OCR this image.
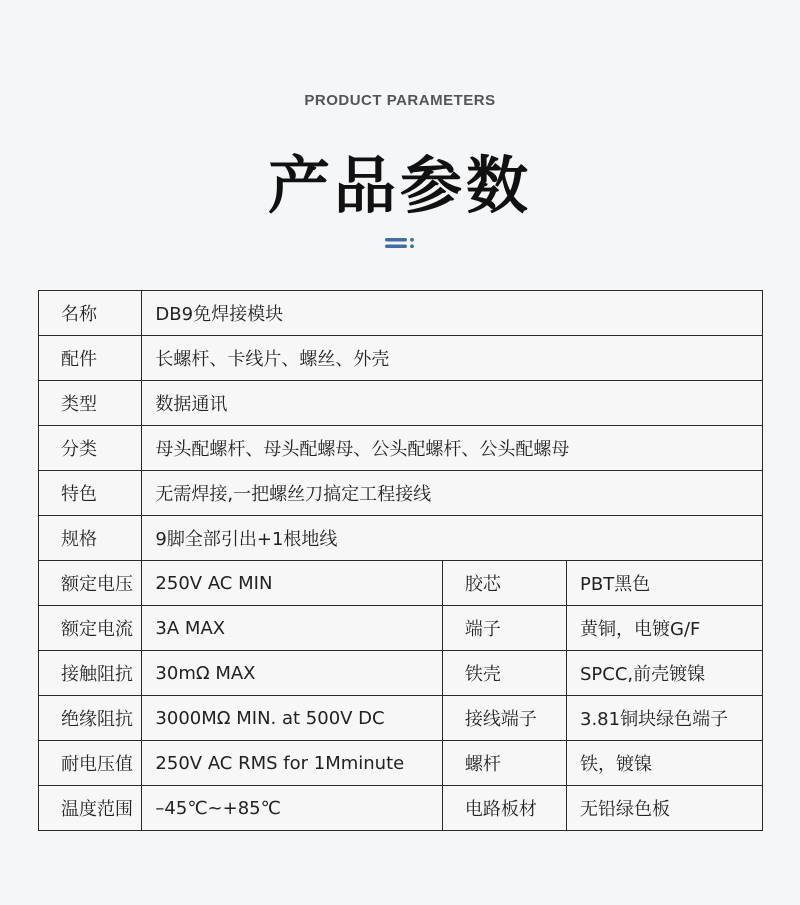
PRODUCT PARAMETERS
产品参数
名称	DB9免焊接模块		
配件	长螺杆、卡线片、螺丝、外壳		
类型	数据通讯		
分类	母头配螺杆、母头配螺母、公头配螺杆、公头配螺母		
特色	无需焊接,一把螺丝刀搞定工程接线		
规格	9脚全部引出+1根地线		
额定电压	250V AC MIN	胶芯	PBT黑色
额定电流	3A MAX	端子	黄铜，电镀G/F
接触阻抗	30mΩ MAX	铁壳	SPCC,前壳镀镍
绝缘阻抗	3000MΩ MIN. at 500V DC	接线端子	3.81铜块绿色端子
耐电压值	250V AC RMS for 1Mminute	螺杆	铁，镀镍
温度范围	–45℃~+85℃	电路板材	无铅绿色板
